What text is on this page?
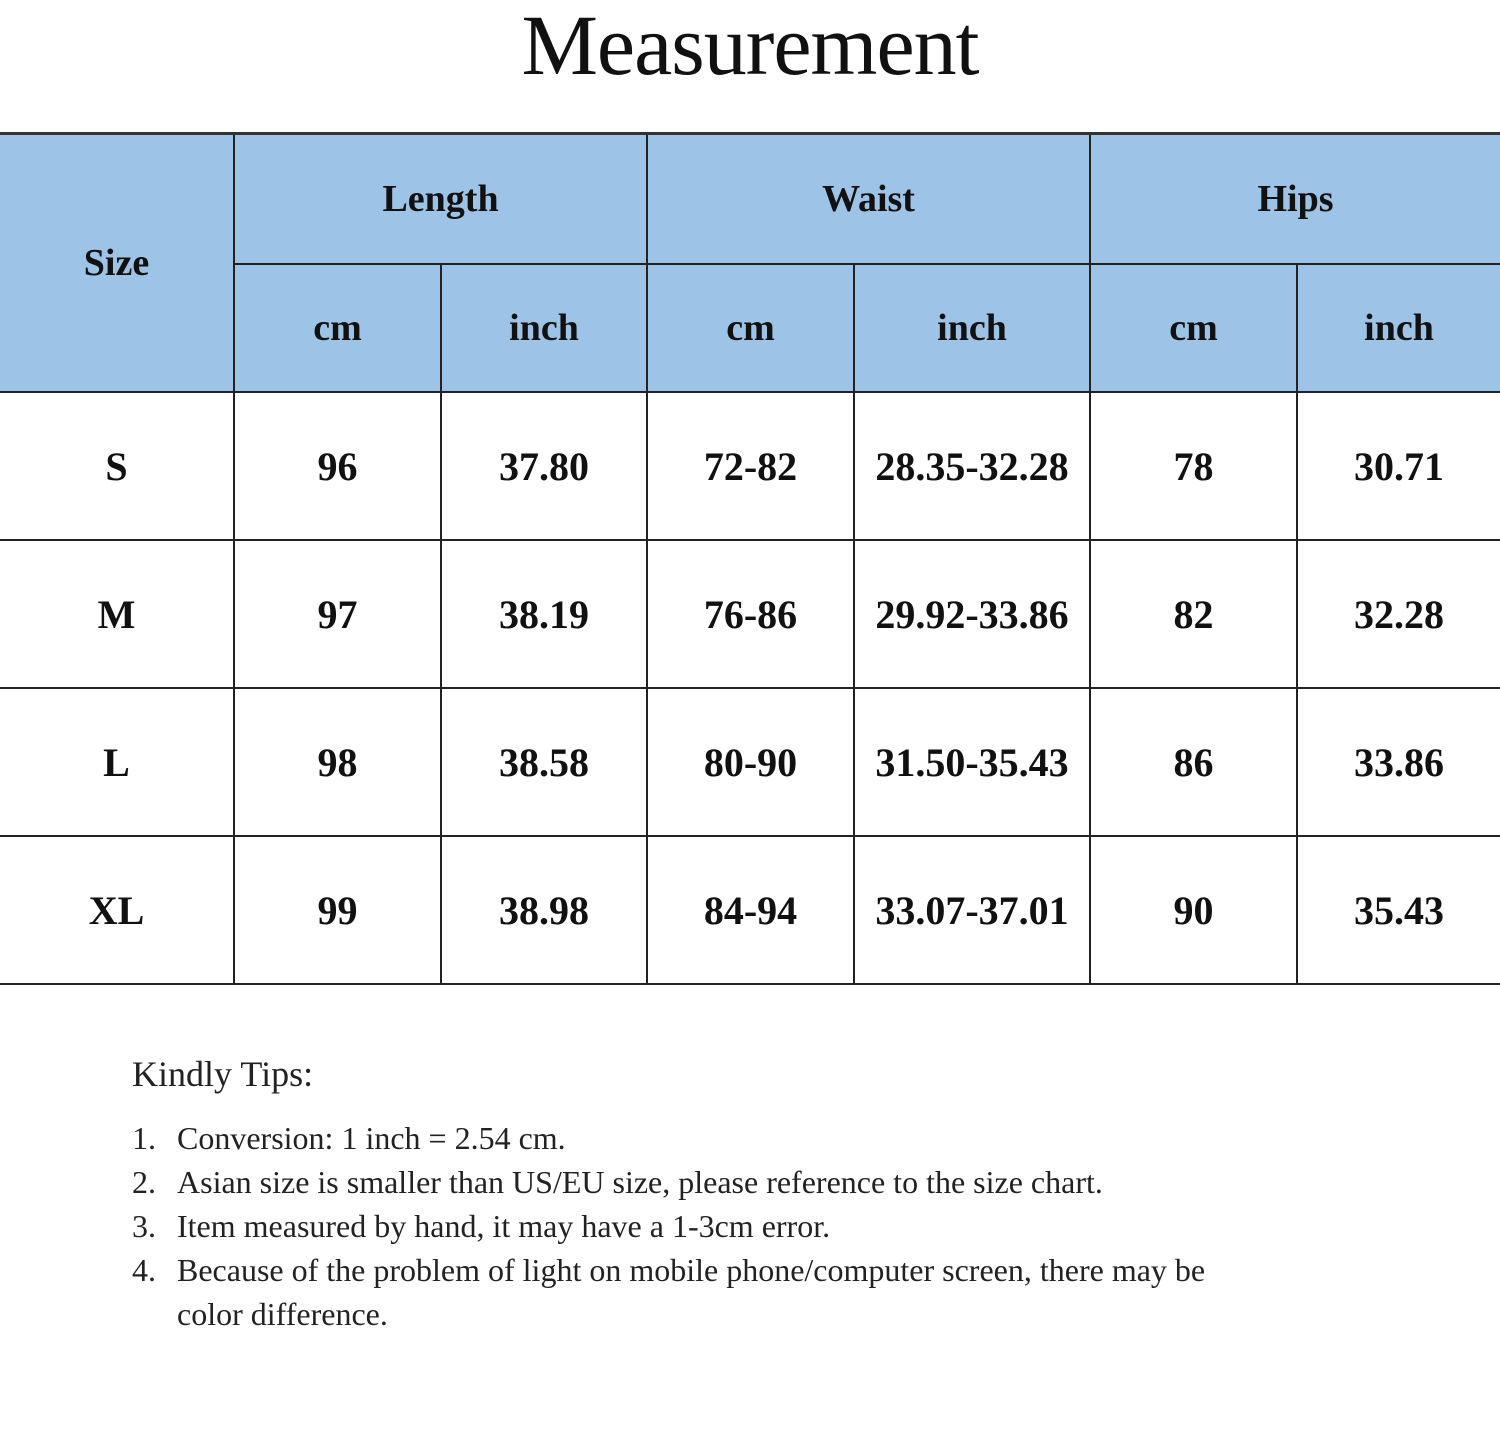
Measurement
Size	Length		Waist		Hips	
	cm	inch	cm	inch	cm	inch
S	96	37.80	72-82	28.35-32.28	78	30.71
M	97	38.19	76-86	29.92-33.86	82	32.28
L	98	38.58	80-90	31.50-35.43	86	33.86
XL	99	38.98	84-94	33.07-37.01	90	35.43
Kindly Tips:
1. Conversion: 1 inch = 2.54 cm.
2. Asian size is smaller than US/EU size, please reference to the size chart.
3. Item measured by hand, it may have a 1-3cm error.
4. Because of the problem of light on mobile phone/computer screen, there may be color difference.
